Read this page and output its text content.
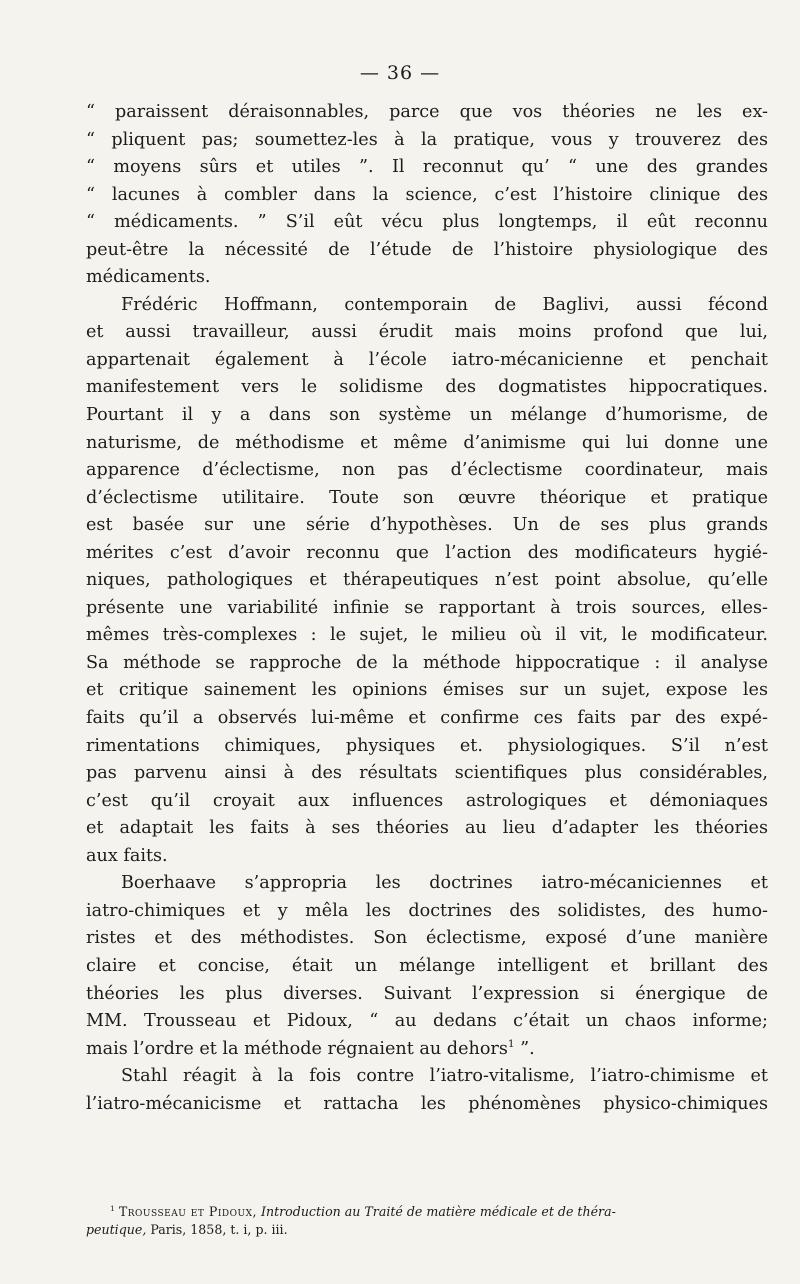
— 36 —
“ paraissent déraisonnables, parce que vos théories ne les ex-
“ pliquent pas; soumettez-les à la pratique, vous y trouverez des
“ moyens sûrs et utiles ”. Il reconnut qu’ “ une des grandes
“ lacunes à combler dans la science, c’est l’histoire clinique des
“ médicaments. ” S’il eût vécu plus longtemps, il eût reconnu
peut-être la nécessité de l’étude de l’histoire physiologique des
médicaments.
Frédéric Hoffmann, contemporain de Baglivi, aussi fécond
et aussi travailleur, aussi érudit mais moins profond que lui,
appartenait également à l’école iatro-mécanicienne et penchait
manifestement vers le solidisme des dogmatistes hippocratiques.
Pourtant il y a dans son système un mélange d’humorisme, de
naturisme, de méthodisme et même d’animisme qui lui donne une
apparence d’éclectisme, non pas d’éclectisme coordinateur, mais
d’éclectisme utilitaire. Toute son œuvre théorique et pratique
est basée sur une série d’hypothèses. Un de ses plus grands
mérites c’est d’avoir reconnu que l’action des modificateurs hygié-
niques, pathologiques et thérapeutiques n’est point absolue, qu’elle
présente une variabilité infinie se rapportant à trois sources, elles-
mêmes très-complexes : le sujet, le milieu où il vit, le modificateur.
Sa méthode se rapproche de la méthode hippocratique : il analyse
et critique sainement les opinions émises sur un sujet, expose les
faits qu’il a observés lui-même et confirme ces faits par des expé-
rimentations chimiques, physiques et. physiologiques. S’il n’est
pas parvenu ainsi à des résultats scientifiques plus considérables,
c’est qu’il croyait aux influences astrologiques et démoniaques
et adaptait les faits à ses théories au lieu d’adapter les théories
aux faits.
Boerhaave s’appropria les doctrines iatro-mécaniciennes et
iatro-chimiques et y mêla les doctrines des solidistes, des humo-
ristes et des méthodistes. Son éclectisme, exposé d’une manière
claire et concise, était un mélange intelligent et brillant des
théories les plus diverses. Suivant l’expression si énergique de
MM. Trousseau et Pidoux, “ au dedans c’était un chaos informe;
mais l’ordre et la méthode régnaient au dehors$^1$ ”.
Stahl réagit à la fois contre l’iatro-vitalisme, l’iatro-chimisme et
l’iatro-mécanicisme et rattacha les phénomènes physico-chimiques
$^1$ Trousseau et Pidoux, Introduction au Traité de matière médicale et de théra-
peutique, Paris, 1858, t. i, p. iii.
